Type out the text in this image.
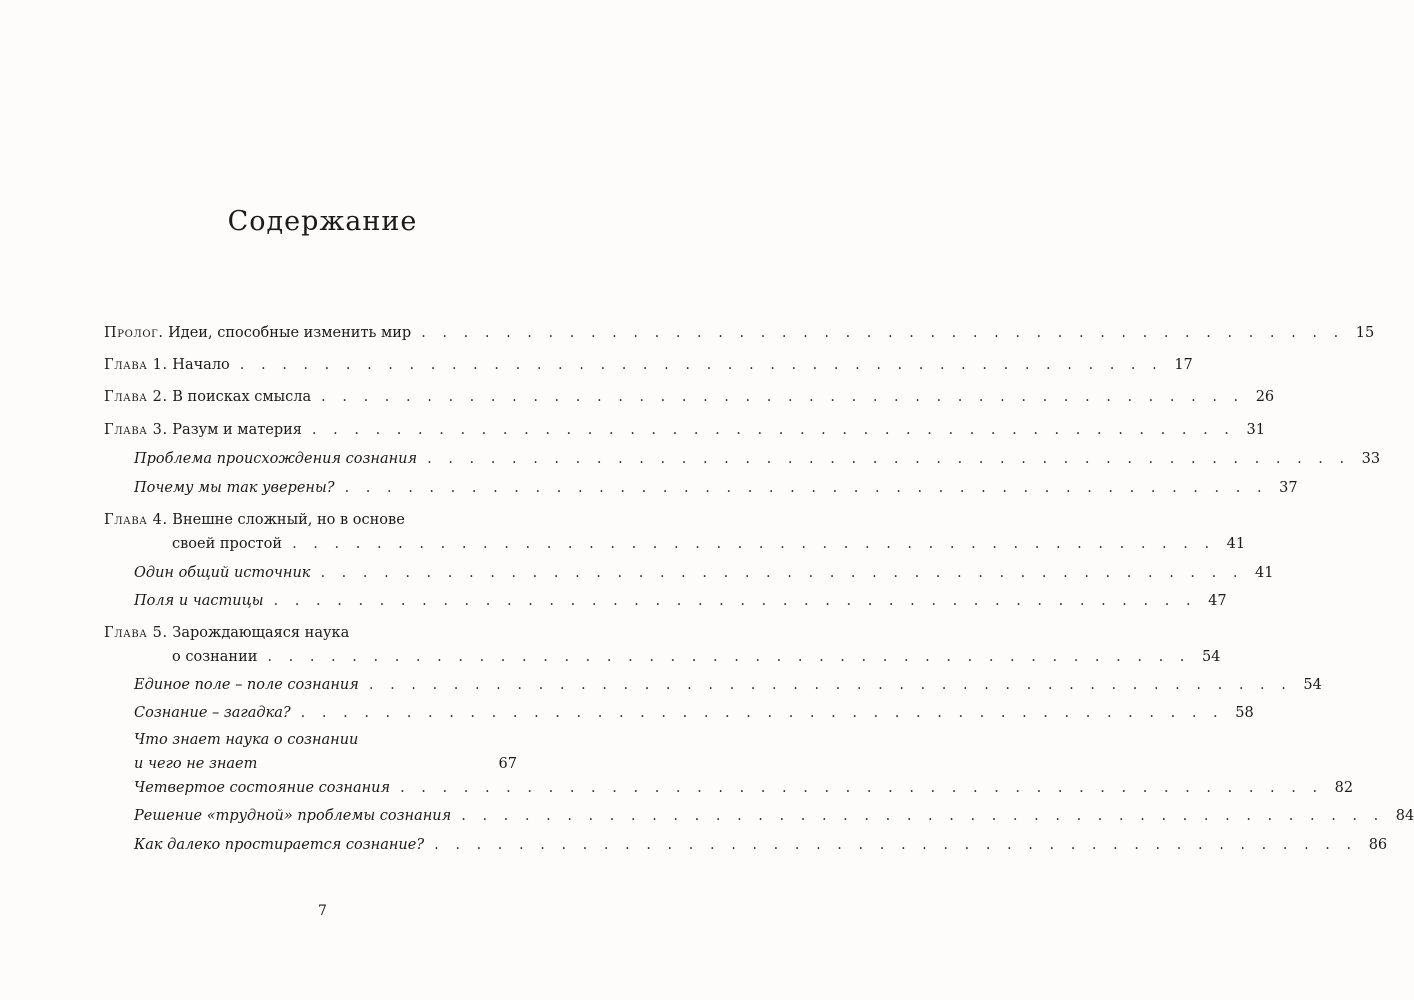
Содержание
Пролог. Идеи, способные изменить мир . . . . . . . . . . . . . . . . . . . . . . . . . . . . . . . . . . . . . . . . . . . . 15
Глава 1. Начало . . . . . . . . . . . . . . . . . . . . . . . . . . . . . . . . . . . . . . . . . . . . 17
Глава 2. В поисках смысла . . . . . . . . . . . . . . . . . . . . . . . . . . . . . . . . . . . . . . . . . . . . 26
Глава 3. Разум и материя . . . . . . . . . . . . . . . . . . . . . . . . . . . . . . . . . . . . . . . . . . . . 31
Проблема происхождения сознания . . . . . . . . . . . . . . . . . . . . . . . . . . . . . . . . . . . . . . . . . . . . 33
Почему мы так уверены? . . . . . . . . . . . . . . . . . . . . . . . . . . . . . . . . . . . . . . . . . . . . 37
Глава 4. Внешне сложный, но в основе
своей простой . . . . . . . . . . . . . . . . . . . . . . . . . . . . . . . . . . . . . . . . . . . . 41
Один общий источник . . . . . . . . . . . . . . . . . . . . . . . . . . . . . . . . . . . . . . . . . . . . 41
Поля и частицы . . . . . . . . . . . . . . . . . . . . . . . . . . . . . . . . . . . . . . . . . . . . 47
Глава 5. Зарождающаяся наука
о сознании . . . . . . . . . . . . . . . . . . . . . . . . . . . . . . . . . . . . . . . . . . . . 54
Единое поле – поле сознания . . . . . . . . . . . . . . . . . . . . . . . . . . . . . . . . . . . . . . . . . . . . 54
Сознание – загадка? . . . . . . . . . . . . . . . . . . . . . . . . . . . . . . . . . . . . . . . . . . . . 58
Что знает наука о сознании
и чего не знает	67
Четвертое состояние сознания . . . . . . . . . . . . . . . . . . . . . . . . . . . . . . . . . . . . . . . . . . . . 82
Решение «трудной» проблемы сознания . . . . . . . . . . . . . . . . . . . . . . . . . . . . . . . . . . . . . . . . . . . . 84
Как далеко простирается сознание? . . . . . . . . . . . . . . . . . . . . . . . . . . . . . . . . . . . . . . . . . . . . 86
7
